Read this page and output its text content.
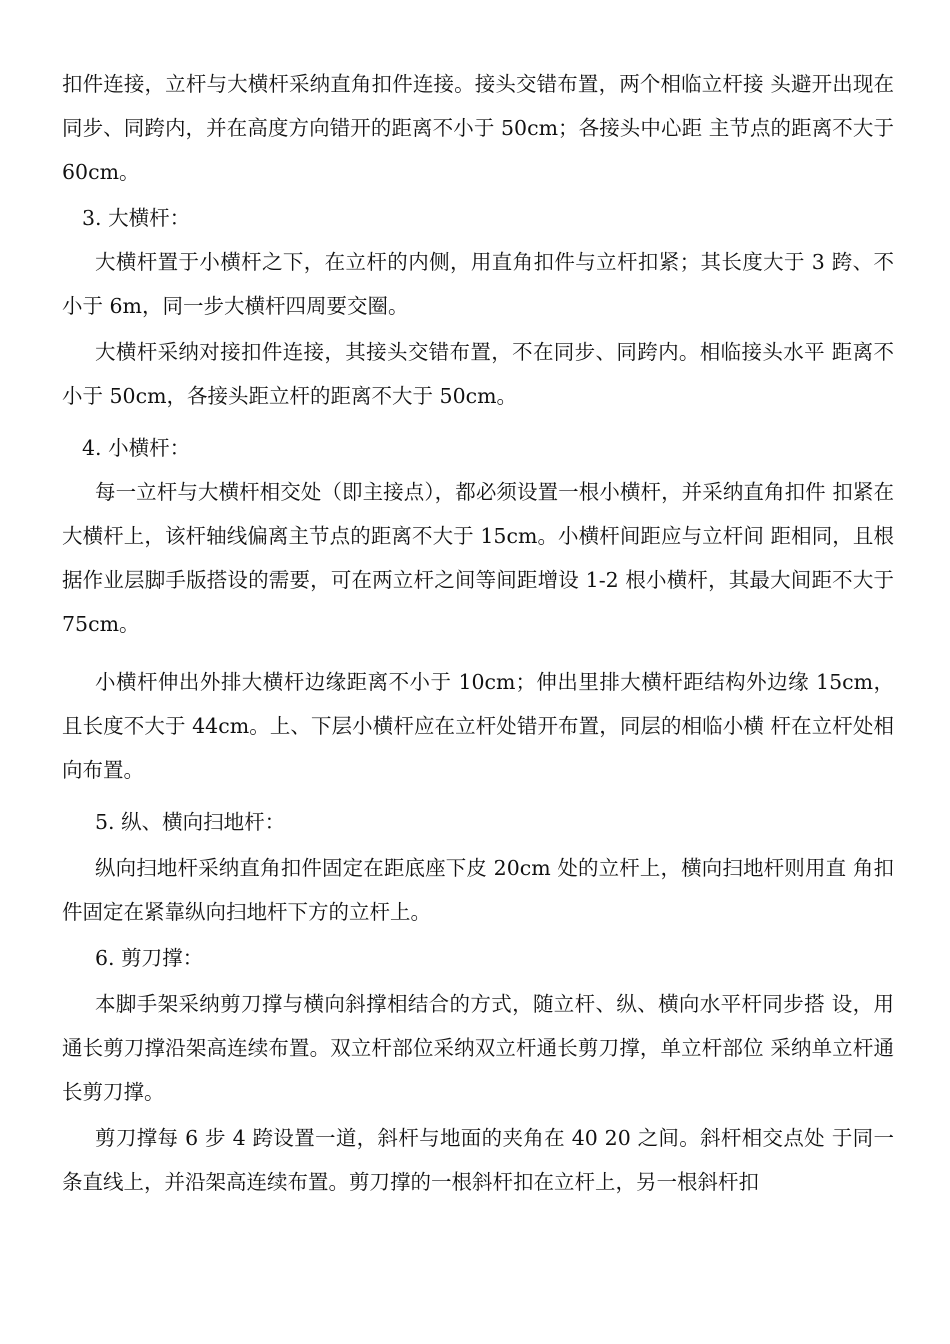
扣件连接，立杆与大横杆采纳直角扣件连接。接头交错布置，两个相临立杆接 头避开出现在同步、同跨内，并在高度方向错开的距离不小于 50cm；各接头中心距 主节点的距离不大于 60cm。

3. 大横杆：

大横杆置于小横杆之下，在立杆的内侧，用直角扣件与立杆扣紧；其长度大于 3 跨、不小于 6m，同一步大横杆四周要交圈。

大横杆采纳对接扣件连接，其接头交错布置，不在同步、同跨内。相临接头水平 距离不小于 50cm，各接头距立杆的距离不大于 50cm。

4. 小横杆：

每一立杆与大横杆相交处（即主接点），都必须设置一根小横杆，并采纳直角扣件 扣紧在大横杆上，该杆轴线偏离主节点的距离不大于 15cm。小横杆间距应与立杆间 距相同，且根据作业层脚手版搭设的需要，可在两立杆之间等间距增设 1-2 根小横杆，其最大间距不大于 75cm。

小横杆伸出外排大横杆边缘距离不小于 10cm；伸出里排大横杆距结构外边缘 15cm，且长度不大于 44cm。上、下层小横杆应在立杆处错开布置，同层的相临小横 杆在立杆处相向布置。

5. 纵、横向扫地杆：

纵向扫地杆采纳直角扣件固定在距底座下皮 20cm 处的立杆上，横向扫地杆则用直 角扣件固定在紧靠纵向扫地杆下方的立杆上。

6. 剪刀撑：

本脚手架采纳剪刀撑与横向斜撑相结合的方式，随立杆、纵、横向水平杆同步搭 设，用通长剪刀撑沿架高连续布置。双立杆部位采纳双立杆通长剪刀撑，单立杆部位 采纳单立杆通长剪刀撑。

剪刀撑每 6 步 4 跨设置一道，斜杆与地面的夹角在 40 20 之间。斜杆相交点处 于同一条直线上，并沿架高连续布置。剪刀撑的一根斜杆扣在立杆上，另一根斜杆扣
